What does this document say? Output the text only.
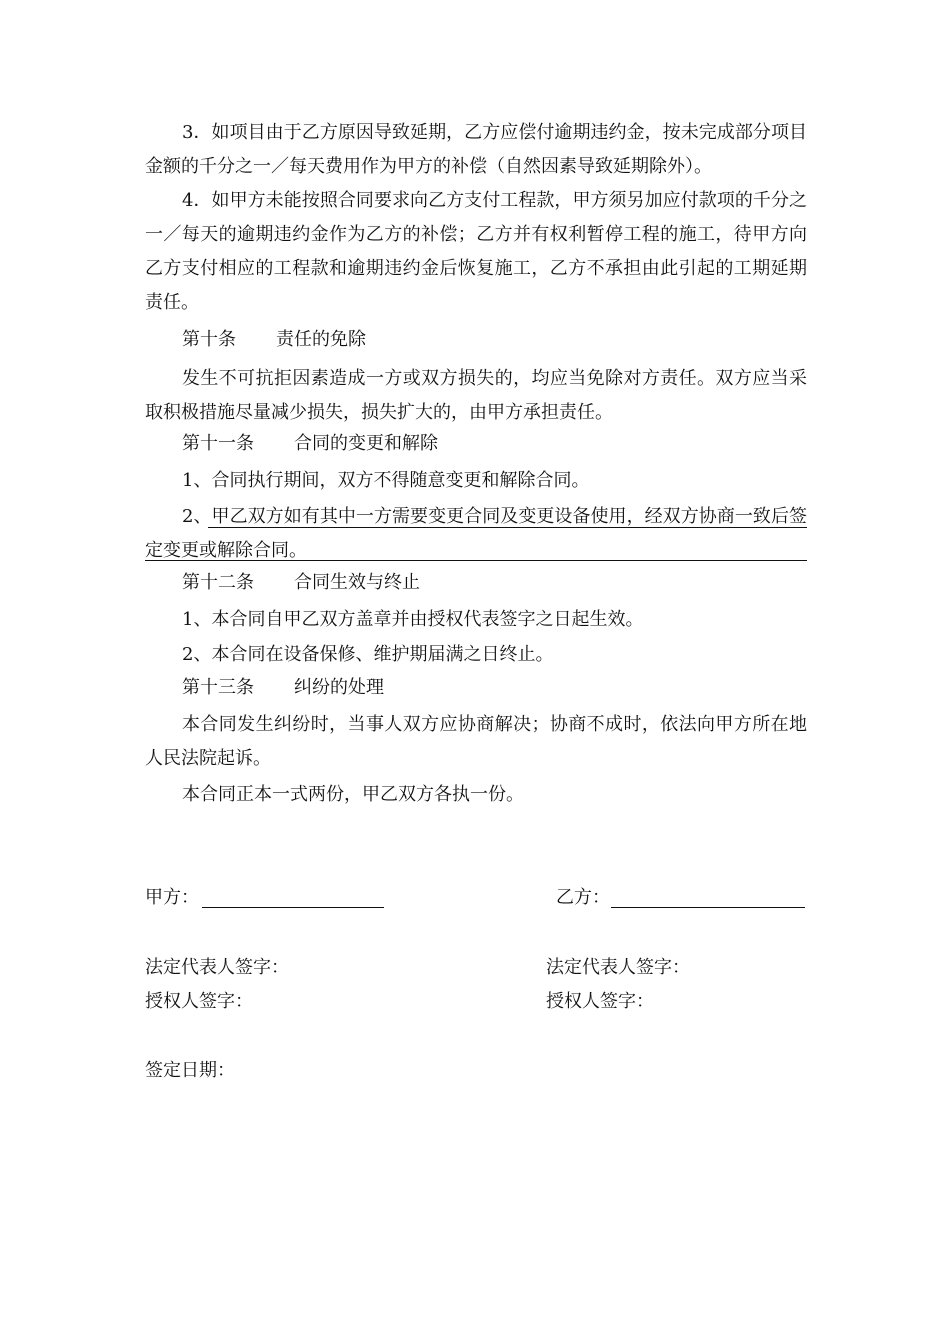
3．如项目由于乙方原因导致延期，乙方应偿付逾期违约金，按未完成部分项目金额的千分之一／每天费用作为甲方的补偿（自然因素导致延期除外）。

4．如甲方未能按照合同要求向乙方支付工程款，甲方须另加应付款项的千分之一／每天的逾期违约金作为乙方的补偿；乙方并有权利暂停工程的施工，待甲方向乙方支付相应的工程款和逾期违约金后恢复施工，乙方不承担由此引起的工期延期责任。

第十条 责任的免除

发生不可抗拒因素造成一方或双方损失的，均应当免除对方责任。双方应当采取积极措施尽量减少损失，损失扩大的，由甲方承担责任。

第十一条 合同的变更和解除

1、合同执行期间，双方不得随意变更和解除合同。

2、甲乙双方如有其中一方需要变更合同及变更设备使用，经双方协商一致后签定变更或解除合同。

第十二条 合同生效与终止

1、本合同自甲乙双方盖章并由授权代表签字之日起生效。

2、本合同在设备保修、维护期届满之日终止。

第十三条 纠纷的处理

本合同发生纠纷时，当事人双方应协商解决；协商不成时，依法向甲方所在地人民法院起诉。

本合同正本一式两份，甲乙双方各执一份。

甲方：	乙方：
法定代表人签字：	法定代表人签字：
授权人签字：	授权人签字：
签定日期：
